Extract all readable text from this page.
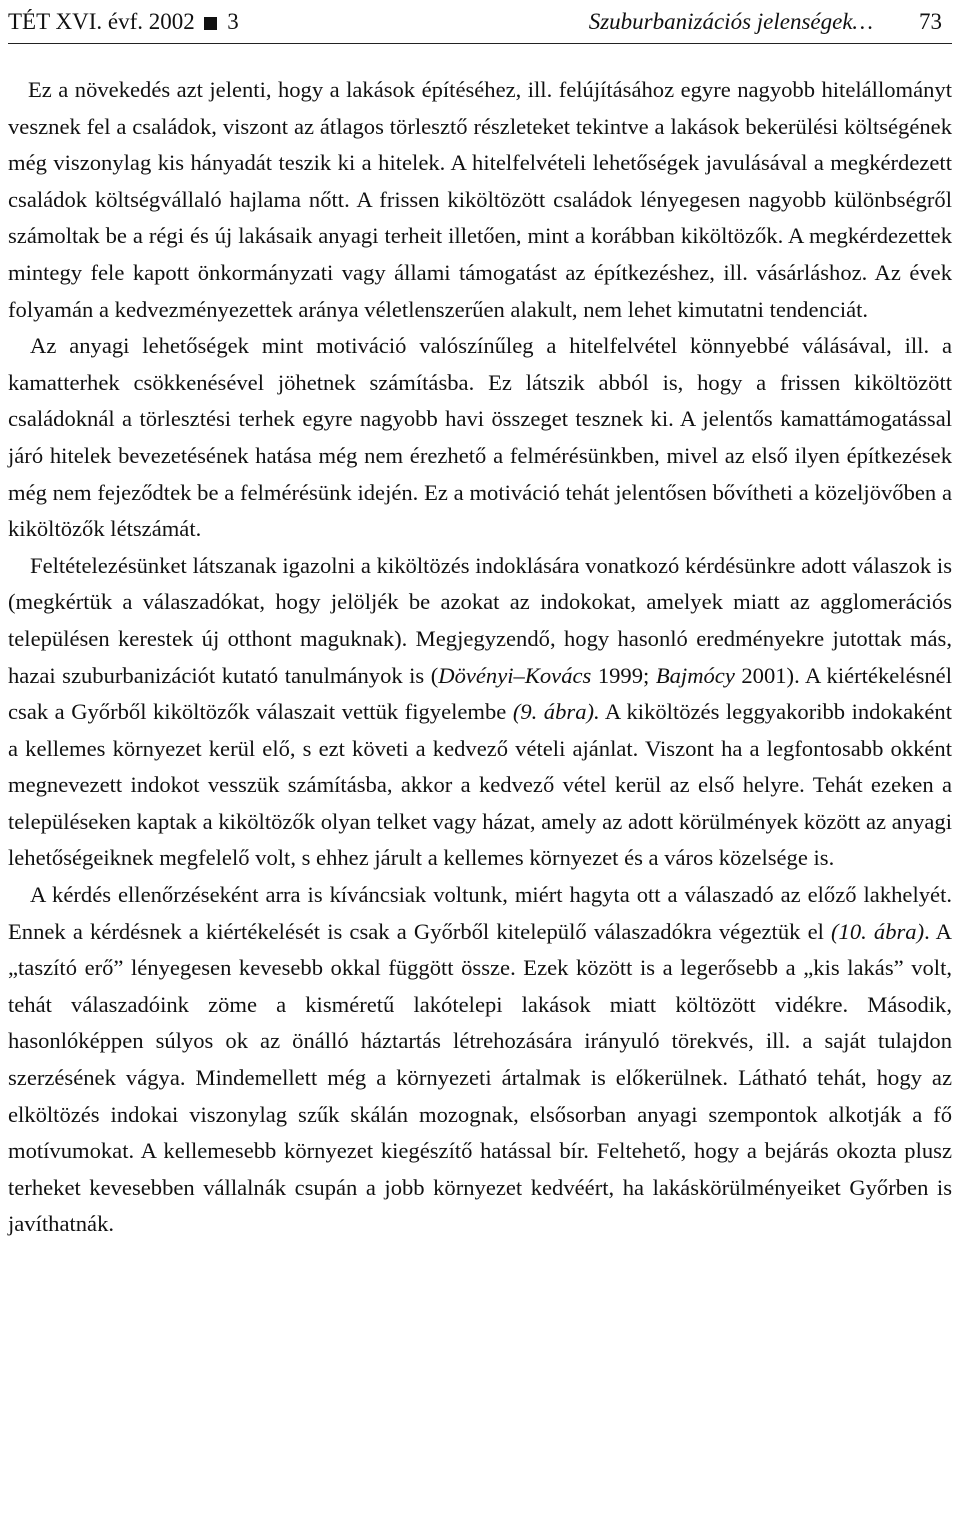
TÉT XVI. évf. 2002 3	Szuburbanizációs jelenségek… 73

Ez a növekedés azt jelenti, hogy a lakások építéséhez, ill. felújításához egyre nagyobb hitelállományt vesznek fel a családok, viszont az átlagos törlesztő részleteket tekintve a lakások bekerülési költségének még viszonylag kis hányadát teszik ki a hitelek. A hitelfelvételi lehetőségek javulásával a megkérdezett családok költségvállaló hajlama nőtt. A frissen kiköltözött családok lényegesen nagyobb különbségről számoltak be a régi és új lakásaik anyagi terheit illetően, mint a korábban kiköltözők. A megkérdezettek mintegy fele kapott önkormányzati vagy állami támogatást az építkezéshez, ill. vásárláshoz. Az évek folyamán a kedvezményezettek aránya véletlenszerűen alakult, nem lehet kimutatni tendenciát.

Az anyagi lehetőségek mint motiváció valószínűleg a hitelfelvétel könnyebbé válásával, ill. a kamatterhek csökkenésével jöhetnek számításba. Ez látszik abból is, hogy a frissen kiköltözött családoknál a törlesztési terhek egyre nagyobb havi összeget tesznek ki. A jelentős kamattámogatással járó hitelek bevezetésének hatása még nem érezhető a felmérésünkben, mivel az első ilyen építkezések még nem fejeződtek be a felmérésünk idején. Ez a motiváció tehát jelentősen bővítheti a közeljövőben a kiköltözők létszámát.

Feltételezésünket látszanak igazolni a kiköltözés indoklására vonatkozó kérdésünkre adott válaszok is (megkértük a válaszadókat, hogy jelöljék be azokat az indokokat, amelyek miatt az agglomerációs településen kerestek új otthont maguknak). Megjegyzendő, hogy hasonló eredményekre jutottak más, hazai szuburbanizációt kutató tanulmányok is (Dövényi–Kovács 1999; Bajmócy 2001). A kiértékelésnél csak a Győrből kiköltözők válaszait vettük figyelembe (9. ábra). A kiköltözés leggyakoribb indokaként a kellemes környezet kerül elő, s ezt követi a kedvező vételi ajánlat. Viszont ha a legfontosabb okként megnevezett indokot vesszük számításba, akkor a kedvező vétel kerül az első helyre. Tehát ezeken a településeken kaptak a kiköltözők olyan telket vagy házat, amely az adott körülmények között az anyagi lehetőségeiknek megfelelő volt, s ehhez járult a kellemes környezet és a város közelsége is.

A kérdés ellenőrzéseként arra is kíváncsiak voltunk, miért hagyta ott a válaszadó az előző lakhelyét. Ennek a kérdésnek a kiértékelését is csak a Győrből kitelepülő válaszadókra végeztük el (10. ábra). A „taszító erő” lényegesen kevesebb okkal függött össze. Ezek között is a legerősebb a „kis lakás” volt, tehát válaszadóink zöme a kisméretű lakótelepi lakások miatt költözött vidékre. Második, hasonlóképpen súlyos ok az önálló háztartás létrehozására irányuló törekvés, ill. a saját tulajdon szerzésének vágya. Mindemellett még a környezeti ártalmak is előkerülnek. Látható tehát, hogy az elköltözés indokai viszonylag szűk skálán mozognak, elsősorban anyagi szempontok alkotják a fő motívumokat. A kellemesebb környezet kiegészítő hatással bír. Feltehető, hogy a bejárás okozta plusz terheket kevesebben vállalnák csupán a jobb környezet kedvéért, ha lakáskörülményeiket Győrben is javíthatnák.
